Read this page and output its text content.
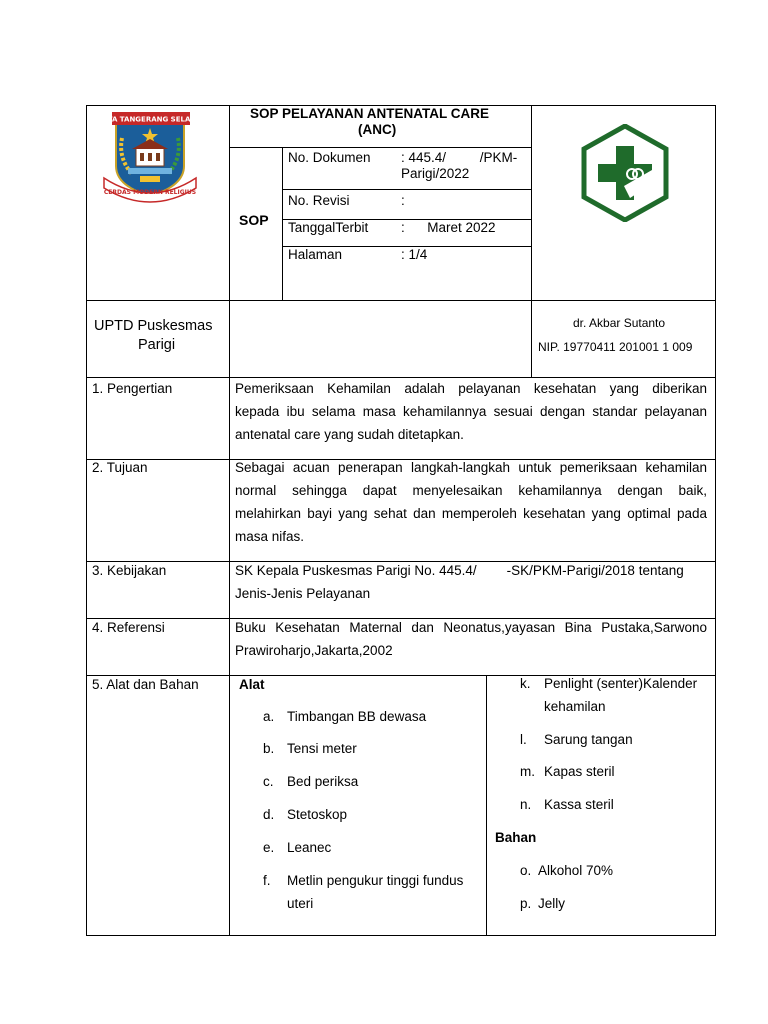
KOTA TANGERANG SELATAN
CERDAS MODERN RELIGIUS
SOP PELAYANAN ANTENATAL CARE
(ANC)
SOP
No. Dokumen : 445.4/         /PKM-
Parigi/2022
No. Revisi	:
TanggalTerbit :      Maret 2022
Halaman	: 1/4
UPTD Puskesmas
Parigi
dr. Akbar Sutanto
NIP. 19770411 201001 1 009
1. Pengertian	Pemeriksaan Kehamilan adalah pelayanan kesehatan yang diberikan
kepada ibu selama masa kehamilannya sesuai dengan standar pelayanan
antenatal care yang sudah ditetapkan.
2. Tujuan	Sebagai acuan penerapan langkah-langkah untuk pemeriksaan kehamilan
normal sehingga dapat menyelesaikan kehamilannya dengan baik,
melahirkan bayi yang sehat dan memperoleh kesehatan yang optimal pada
masa nifas.
3. Kebijakan	SK Kepala Puskesmas Parigi No. 445.4/        -SK/PKM-Parigi/2018 tentang
Jenis-Jenis Pelayanan
4. Referensi	Buku Kesehatan Maternal dan Neonatus,yayasan Bina Pustaka,Sarwono
Prawiroharjo,Jakarta,2002
5. Alat dan Bahan	Alat
a. Timbangan BB dewasa
b. Tensi meter
c. Bed periksa
d. Stetoskop
e. Leanec
f. Metlin pengukur tinggi fundus
uteri
k. Penlight (senter)Kalender
kehamilan
l. Sarung tangan
m. Kapas steril
n. Kassa steril
Bahan
o. Alkohol 70%
p. Jelly
